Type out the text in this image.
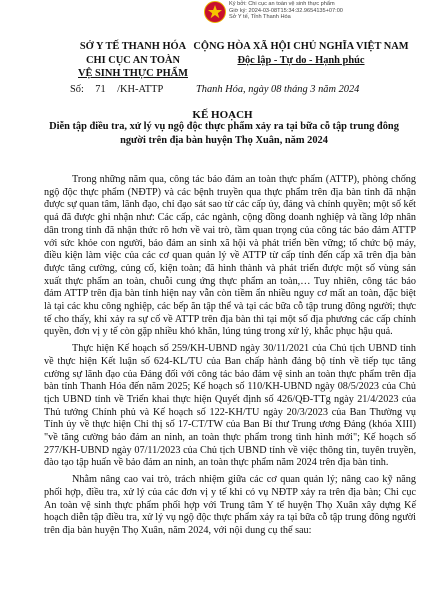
Ký bởi: Chi cục an toàn vệ sinh thực phẩm
Giờ ký: 2024-03-08T15:34:32.9654135+07:00
Sở Y tế, Tỉnh Thanh Hóa
SỞ Y TẾ THANH HÓA
CHI CỤC AN TOÀN
VỆ SINH THỰC PHẨM
CỘNG HÒA XÃ HỘI CHỦ NGHĨA VIỆT NAM
Độc lập - Tự do - Hạnh phúc
Số: 71 /KH-ATTP	Thanh Hóa, ngày 08 tháng 3 năm 2024
KẾ HOẠCH
Diễn tập điều tra, xử lý vụ ngộ độc thực phẩm xảy ra tại bữa cỗ tập trung đông người trên địa bàn huyện Thọ Xuân, năm 2024

Trong những năm qua, công tác bảo đảm an toàn thực phẩm (ATTP), phòng chống ngộ độc thực phẩm (NĐTP) và các bệnh truyền qua thực phẩm trên địa bàn tỉnh đã nhận được sự quan tâm, lãnh đạo, chỉ đạo sát sao từ các cấp ủy, đảng và chính quyền; một số kết quả đã được ghi nhận như: Các cấp, các ngành, cộng đồng doanh nghiệp và tầng lớp nhân dân trong tỉnh đã nhận thức rõ hơn về vai trò, tầm quan trọng của công tác bảo đảm ATTP với sức khỏe con người, bảo đảm an sinh xã hội và phát triển bền vững; tổ chức bộ máy, điều kiện làm việc của các cơ quan quản lý về ATTP từ cấp tỉnh đến cấp xã trên địa bàn được tăng cường, củng cố, kiện toàn; đã hình thành và phát triển được một số vùng sản xuất thực phẩm an toàn, chuỗi cung ứng thực phẩm an toàn,… Tuy nhiên, công tác bảo đảm ATTP trên địa bàn tỉnh hiện nay vẫn còn tiềm ẩn nhiều nguy cơ mất an toàn, đặc biệt là tại các khu công nghiệp, các bếp ăn tập thể và tại các bữa cỗ tập trung đông người; thực tế cho thấy, khi xảy ra sự cố về ATTP trên địa bàn thì tại một số địa phương các cấp chính quyền, đơn vị y tế còn gặp nhiều khó khăn, lúng túng trong xử lý, khắc phục hậu quả.

Thực hiện Kế hoạch số 259/KH-UBND ngày 30/11/2021 của Chủ tịch UBND tỉnh về thực hiện Kết luận số 624-KL/TU của Ban chấp hành đảng bộ tỉnh về tiếp tục tăng cường sự lãnh đạo của Đảng đối với công tác bảo đảm vệ sinh an toàn thực phẩm trên địa bàn tỉnh Thanh Hóa đến năm 2025; Kế hoạch số 110/KH-UBND ngày 08/5/2023 của Chủ tịch UBND tỉnh về Triển khai thực hiện Quyết định số 426/QĐ-TTg ngày 21/4/2023 của Thủ tướng Chính phủ và Kế hoạch số 122-KH/TU ngày 20/3/2023 của Ban Thường vụ Tỉnh ủy về thực hiện Chỉ thị số 17-CT/TW của Ban Bí thư Trung ương Đảng (khóa XIII) "về tăng cường bảo đảm an ninh, an toàn thực phẩm trong tình hình mới"; Kế hoạch số 277/KH-UBND ngày 07/11/2023 của Chủ tịch UBND tỉnh về việc thông tin, tuyên truyền, đào tạo tập huấn về bảo đảm an ninh, an toàn thực phẩm năm 2024 trên địa bàn tỉnh.

Nhằm nâng cao vai trò, trách nhiệm giữa các cơ quan quản lý; nâng cao kỹ năng phối hợp, điều tra, xử lý của các đơn vị y tế khi có vụ NĐTP xảy ra trên địa bàn; Chi cục An toàn vệ sinh thực phẩm phối hợp với Trung tâm Y tế huyện Thọ Xuân xây dựng Kế hoạch diễn tập điều tra, xử lý vụ ngộ độc thực phẩm xảy ra tại bữa cỗ tập trung đông người trên địa bàn huyện Thọ Xuân, năm 2024, với nội dung cụ thể sau:
